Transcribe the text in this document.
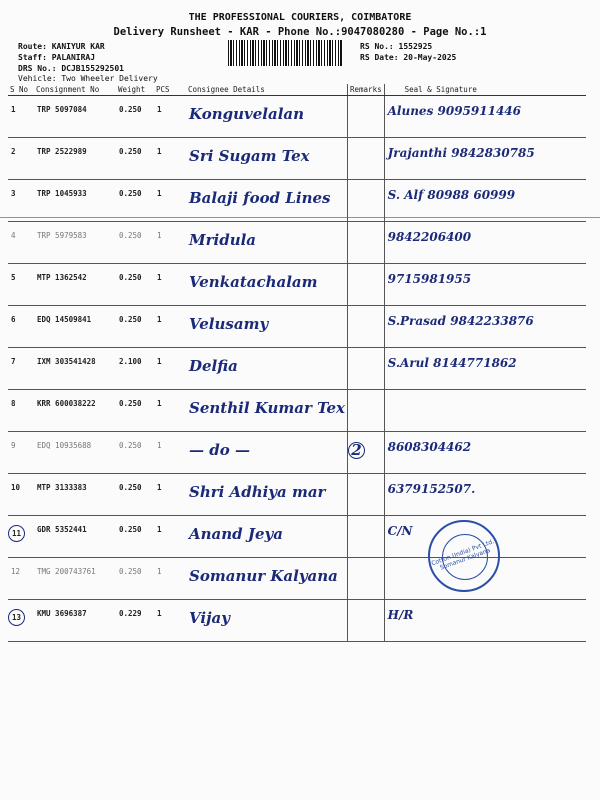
THE PROFESSIONAL COURIERS, COIMBATORE
Delivery Runsheet - KAR - Phone No.:9047080280 - Page No.:1
Route: KANIYUR KAR
Staff: PALANIRAJ
DRS No.: DCJB155292501
Vehicle: Two Wheeler Delivery
RS No.: 1552925
RS Date: 20-May-2025
S No	Consignment No	Weight	PCS	Consignee Details	Remarks	Seal & Signature
1	TRP 5097084	0.250	1	Konguvelalan		Alunes 9095911446
2	TRP 2522989	0.250	1	Sri Sugam Tex		Jrajanthi 9842830785
3	TRP 1045933	0.250	1	Balaji food Lines		S. Alf 80988 60999
4	TRP 5979583	0.250	1	Mridula		9842206400
5	MTP 1362542	0.250	1	Venkatachalam		9715981955
6	EDQ 14509841	0.250	1	Velusamy		S.Prasad 9842233876
7	IXM 303541428	2.100	1	Delfia		S.Arul 8144771862
8	KRR 600038222	0.250	1	Senthil Kumar Tex		
9	EDQ 10935688	0.250	1	— do —	2	8608304462
10	MTP 3133383	0.250	1	Shri Adhiya mar		6379152507.
11	GDR 5352441	0.250	1	Anand Jeya		C/N
12	TMG 200743761	0.250	1	Somanur Kalyana		
13	KMU 3696387	0.229	1	Vijay		H/R
Cotton (India) Pvt Ltd. Somanur Kalyana
